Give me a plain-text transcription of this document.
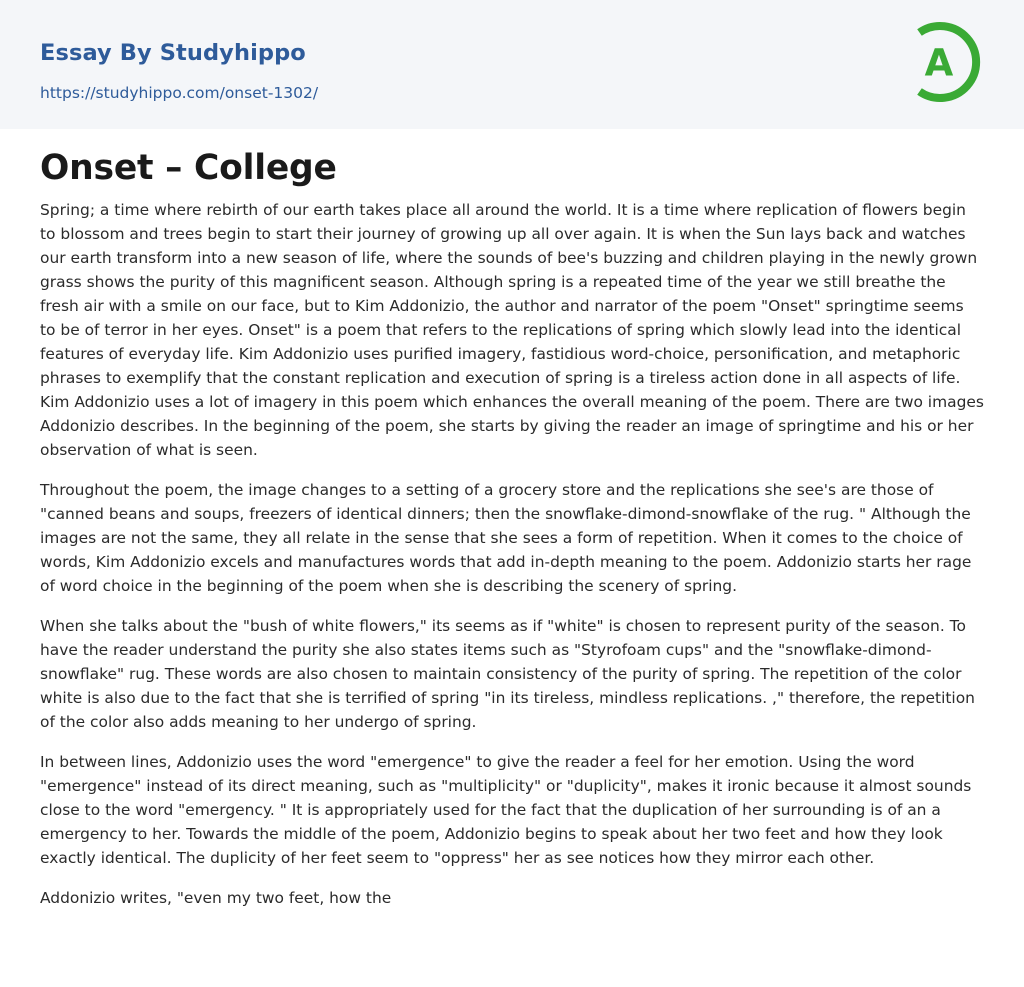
Essay By Studyhippo
https://studyhippo.com/onset-1302/
A
Onset – College

Spring; a time where rebirth of our earth takes place all around the world. It is a time where replication of flowers begin to blossom and trees begin to start their journey of growing up all over again. It is when the Sun lays back and watches our earth transform into a new season of life, where the sounds of bee's buzzing and children playing in the newly grown grass shows the purity of this magnificent season. Although spring is a repeated time of the year we still breathe the fresh air with a smile on our face, but to Kim Addonizio, the author and narrator of the poem "Onset" springtime seems to be of terror in her eyes. Onset" is a poem that refers to the replications of spring which slowly lead into the identical features of everyday life. Kim Addonizio uses purified imagery, fastidious word-choice, personification, and metaphoric phrases to exemplify that the constant replication and execution of spring is a tireless action done in all aspects of life. Kim Addonizio uses a lot of imagery in this poem which enhances the overall meaning of the poem. There are two images Addonizio describes. In the beginning of the poem, she starts by giving the reader an image of springtime and his or her observation of what is seen.

Throughout the poem, the image changes to a setting of a grocery store and the replications she see's are those of "canned beans and soups, freezers of identical dinners; then the snowflake-dimond-snowflake of the rug. " Although the images are not the same, they all relate in the sense that she sees a form of repetition. When it comes to the choice of words, Kim Addonizio excels and manufactures words that add in-depth meaning to the poem. Addonizio starts her rage of word choice in the beginning of the poem when she is describing the scenery of spring.

When she talks about the "bush of white flowers," its seems as if "white" is chosen to represent purity of the season. To have the reader understand the purity she also states items such as "Styrofoam cups" and the "snowflake-dimond-snowflake" rug. These words are also chosen to maintain consistency of the purity of spring. The repetition of the color white is also due to the fact that she is terrified of spring "in its tireless, mindless replications. ," therefore, the repetition of the color also adds meaning to her undergo of spring.

In between lines, Addonizio uses the word "emergence" to give the reader a feel for her emotion. Using the word "emergence" instead of its direct meaning, such as "multiplicity" or "duplicity", makes it ironic because it almost sounds close to the word "emergency. " It is appropriately used for the fact that the duplication of her surrounding is of an a emergency to her. Towards the middle of the poem, Addonizio begins to speak about her two feet and how they look exactly identical. The duplicity of her feet seem to "oppress" her as see notices how they mirror each other.

Addonizio writes, "even my two feet, how the
